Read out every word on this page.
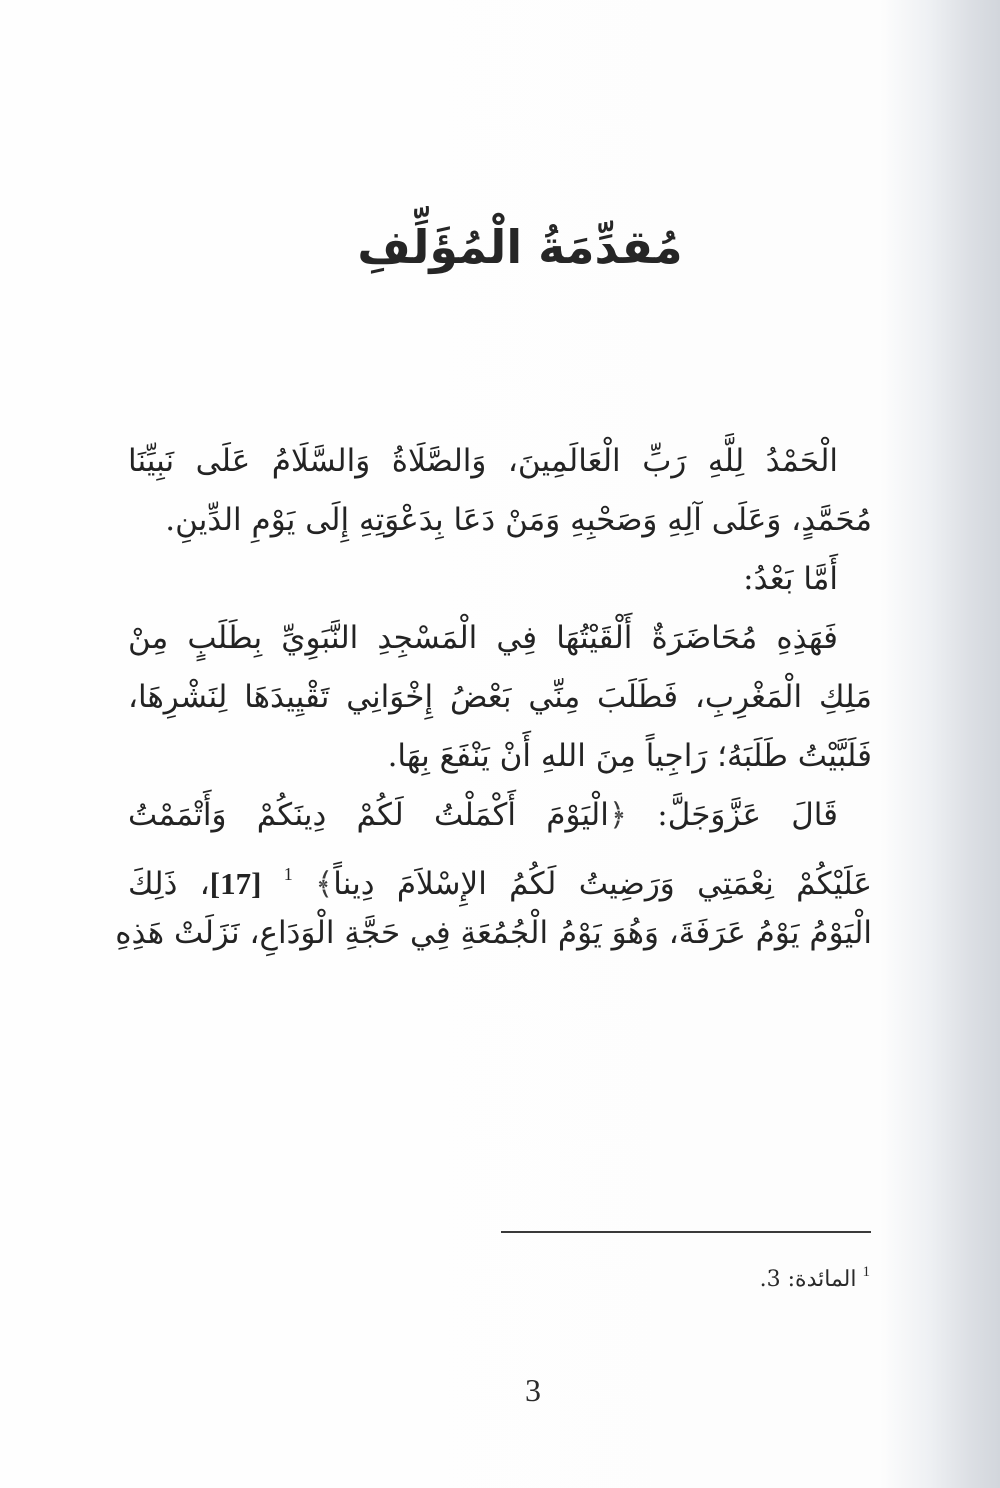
مُقدِّمَةُ الْمُؤَلِّفِ
الْحَمْدُ لِلَّهِ رَبِّ الْعَالَمِينَ، وَالصَّلَاةُ وَالسَّلَامُ عَلَى نَبِيِّنَا
مُحَمَّدٍ، وَعَلَى آلِهِ وَصَحْبِهِ وَمَنْ دَعَا بِدَعْوَتِهِ إِلَى يَوْمِ الدِّينِ.
أَمَّا بَعْدُ:
فَهَذِهِ مُحَاضَرَةٌ أَلْقَيْتُهَا فِي الْمَسْجِدِ النَّبَوِيِّ بِطَلَبٍ مِنْ
مَلِكِ الْمَغْرِبِ، فَطَلَبَ مِنِّي بَعْضُ إِخْوَانِي تَقْيِيدَهَا لِنَشْرِهَا،
فَلَبَّيْتُ طَلَبَهُ؛ رَاجِياً مِنَ اللهِ أَنْ يَنْفَعَ بِهَا.
قَالَ عَزَّوَجَلَّ: ﴿الْيَوْمَ أَكْمَلْتُ لَكُمْ دِينَكُمْ وَأَتْمَمْتُ
عَلَيْكُمْ نِعْمَتِي وَرَضِيتُ لَكُمُ الإِسْلاَمَ دِيناً﴾ $^1$ [17]، ذَلِكَ
الْيَوْمُ يَوْمُ عَرَفَةَ، وَهُوَ يَوْمُ الْجُمُعَةِ فِي حَجَّةِ الْوَدَاعِ، نَزَلَتْ هَذِهِ
$^1$المائدة: 3.
3
